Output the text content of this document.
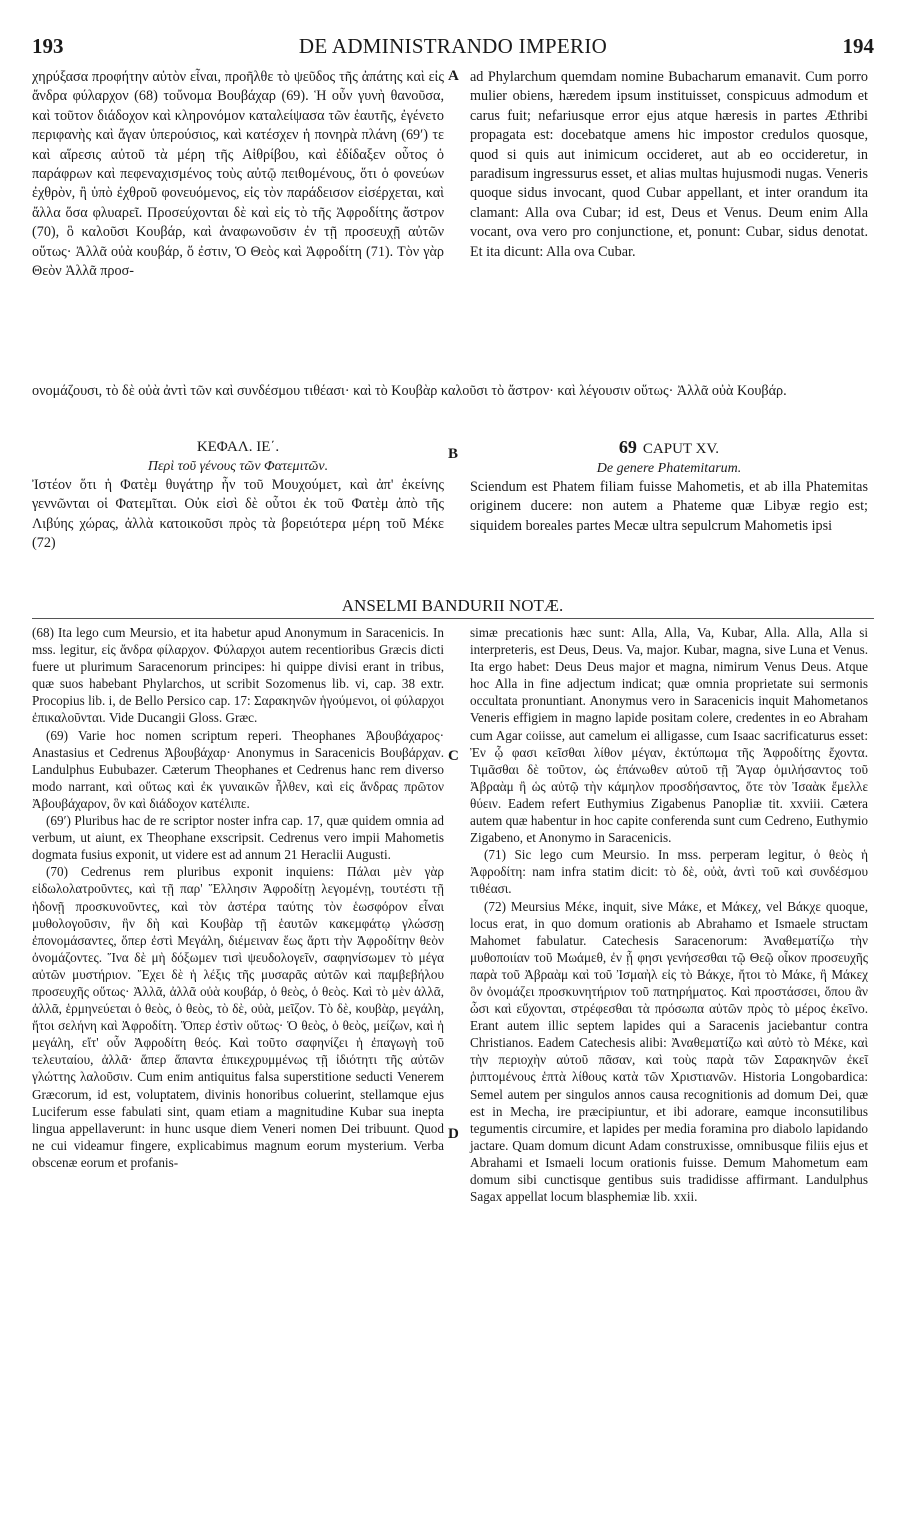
193	DE ADMINISTRANDO IMPERIO	194

χηρύξασα προφήτην αὐτὸν εἶναι, προῆλθε τὸ ψεῦδος τῆς ἀπάτης καὶ εἰς ἄνδρα φύλαρχον (68) τοὔνομα Βουβάχαρ (69). Ἡ οὖν γυνὴ θανοῦσα, καὶ τοῦτον διάδοχον καὶ κληρονόμον καταλείψασα τῶν ἑαυτῆς, ἐγένετο περιφανὴς καὶ ἄγαν ὑπερούσιος, καὶ κατέσχεν ἡ πονηρὰ πλάνη (69′) τε καὶ αἵρεσις αὐτοῦ τὰ μέρη τῆς Αἰθρίβου, καὶ ἐδίδαξεν οὗτος ὁ παράφρων καὶ πεφεναχισμένος τοὺς αὐτῷ πειθομένους, ὅτι ὁ φονεύων ἐχθρὸν, ἢ ὑπὸ ἐχθροῦ φονευόμενος, εἰς τὸν παράδεισον εἰσέρχεται, καὶ ἄλλα ὅσα φλυαρεῖ. Προσεύχονται δὲ καὶ εἰς τὸ τῆς Ἀφροδίτης ἄστρον (70), ὃ καλοῦσι Κουβάρ, καὶ ἀναφωνοῦσιν ἐν τῇ προσευχῇ αὐτῶν οὕτως· Ἀλλᾶ οὐὰ κουβάρ, ὅ ἐστιν, Ὁ Θεὸς καὶ Ἀφροδίτη (71). Τὸν γὰρ Θεὸν Ἀλλᾶ προσ-

A ad Phylarchum quemdam nomine Bubacharum emanavit. Cum porro mulier obiens, hæredem ipsum instituisset, conspicuus admodum et carus fuit; nefariusque error ejus atque hæresis in partes Æthribi propagata est: docebatque amens hic impostor credulos quosque, quod si quis aut inimicum occideret, aut ab eo occideretur, in paradisum ingressurus esset, et alias multas hujusmodi nugas. Veneris quoque sidus invocant, quod Cubar appellant, et inter orandum ita clamant: Alla ova Cubar; id est, Deus et Venus. Deum enim Alla vocant, ova vero pro conjunctione, et, ponunt: Cubar, sidus denotat. Et ita dicunt: Alla ova Cubar.

ονομάζουσι, τὸ δὲ οὐὰ ἀντὶ τῶν καὶ συνδέσμου τιθέασι· καὶ τὸ Κουβὰρ καλοῦσι τὸ ἄστρον· καὶ λέγουσιν οὕτως· Ἀλλᾶ οὐὰ Κουβάρ.
B
ΚΕΦΑΛ. ΙΕ΄.
Περὶ τοῦ γένους τῶν Φατεμιτῶν.

Ἰστέον ὅτι ἡ Φατὲμ θυγάτηρ ἦν τοῦ Μουχούμετ, καὶ ἀπ' ἐκείνης γεννῶνται οἱ Φατεμῖται. Οὐκ εἰσὶ δὲ οὗτοι ἐκ τοῦ Φατὲμ ἀπὸ τῆς Λιβύης χώρας, ἀλλὰ κατοικοῦσι πρὸς τὰ βορειότερα μέρη τοῦ Μέκε (72)

69 CAPUT XV.
De genere Phatemitarum.

Sciendum est Phatem filiam fuisse Mahometis, et ab illa Phatemitas originem ducere: non autem a Phateme quæ Libyæ regio est; siquidem boreales partes Mecæ ultra sepulcrum Mahometis ipsi

ANSELMI BANDURII NOTÆ.

(68) Ita lego cum Meursio, et ita habetur apud Anonymum in Saracenicis. In mss. legitur, εἰς ἄνδρα φίλαρχον. Φύλαρχοι autem recentioribus Græcis dicti fuere ut plurimum Saracenorum principes: hi quippe divisi erant in tribus, quæ suos habebant Phylarchos, ut scribit Sozomenus lib. vi, cap. 38 extr. Procopius lib. i, de Bello Persico cap. 17: Σαρακηνῶν ἡγούμενοι, οἱ φύλαρχοι ἐπικαλοῦνται. Vide Ducangii Gloss. Græc.

(69) Varie hoc nomen scriptum reperi. Theophanes Ἀβουβάχαρος· Anastasius et Cedrenus Ἀβουβάχαρ· Anonymus in Saracenicis Βουβάρχαν. Landulphus Eububazer. Cæterum Theophanes et Cedrenus hanc rem diverso modo narrant, καὶ οὕτως καὶ ἐκ γυναικῶν ἦλθεν, καὶ εἰς ἄνδρας πρῶτον Ἀβουβάχαρον, ὃν καὶ διάδοχον κατέλιπε.

(69′) Pluribus hac de re scriptor noster infra cap. 17, quæ quidem omnia ad verbum, ut aiunt, ex Theophane exscripsit. Cedrenus vero impii Mahometis dogmata fusius exponit, ut videre est ad annum 21 Heraclii Augusti.

(70) Cedrenus rem pluribus exponit inquiens: Πάλαι μὲν γὰρ εἰδωλολατροῦντες, καὶ τῇ παρ' Ἕλλησιν Ἀφροδίτῃ λεγομένῃ, τουτέστι τῇ ἡδονῇ προσκυνοῦντες, καὶ τὸν ἀστέρα ταύτης τὸν ἑωσφόρον εἶναι μυθολογοῦσιν, ἣν δὴ καὶ Κουβὰρ τῇ ἑαυτῶν κακεμφάτῳ γλώσσῃ ἐπονομάσαντες, ὅπερ ἐστὶ Μεγάλη, διέμειναν ἕως ἄρτι τὴν Ἀφροδίτην θεὸν ὀνομάζοντες. Ἵνα δὲ μὴ δόξωμεν τισὶ ψευδολογεῖν, σαφηνίσωμεν τὸ μέγα αὐτῶν μυστήριον. Ἔχει δὲ ἡ λέξις τῆς μυσαρᾶς αὐτῶν καὶ παμβεβήλου προσευχῆς οὕτως· Ἀλλᾶ, ἀλλᾶ οὐὰ κουβάρ, ὁ θεὸς, ὁ θεὸς. Καὶ τὸ μὲν ἀλλᾶ, ἀλλᾶ, ἑρμηνεύεται ὁ θεὸς, ὁ θεὸς, τὸ δὲ, οὐὰ, μεῖζον. Τὸ δὲ, κουβὰρ, μεγάλη, ἤτοι σελήνη καὶ Ἀφροδίτη. Ὅπερ ἐστὶν οὕτως· Ὁ θεὸς, ὁ θεὸς, μείζων, καὶ ἡ μεγάλη, εἴτ' οὖν Ἀφροδίτη θεός. Καὶ τοῦτο σαφηνίζει ἡ ἐπαγωγὴ τοῦ τελευταίου, ἀλλᾶ· ἅπερ ἅπαντα ἐπικεχρυμμένως τῇ ἰδιότητι τῆς αὐτῶν γλώττης λαλοῦσιν. Cum enim antiquitus falsa superstitione seducti Venerem Græcorum, id est, voluptatem, divinis honoribus coluerint, stellamque ejus Luciferum esse fabulati sint, quam etiam a magnitudine Kubar sua inepta lingua appellaverunt: in hunc usque diem Veneri nomen Dei tribuunt. Quod ne cui videamur fingere, explicabimus magnum eorum mysterium. Verba obscenæ eorum et profanis-

C
D

simæ precationis hæc sunt: Alla, Alla, Va, Kubar, Alla. Alla, Alla si interpreteris, est Deus, Deus. Va, major. Kubar, magna, sive Luna et Venus. Ita ergo habet: Deus Deus major et magna, nimirum Venus Deus. Atque hoc Alla in fine adjectum indicat; quæ omnia proprietate sui sermonis occultata pronuntiant. Anonymus vero in Saracenicis inquit Mahometanos Veneris effigiem in magno lapide positam colere, credentes in eo Abraham cum Agar coiisse, aut camelum ei alligasse, cum Isaac sacrificaturus esset: Ἐν ᾧ φασι κεῖσθαι λίθον μέγαν, ἐκτύπωμα τῆς Ἀφροδίτης ἔχοντα. Τιμᾶσθαι δὲ τοῦτον, ὡς ἐπάνωθεν αὐτοῦ τῇ Ἄγαρ ὁμιλήσαντος τοῦ Ἀβραὰμ ἢ ὡς αὐτῷ τὴν κάμηλον προσδήσαντος, ὅτε τὸν Ἰσαὰκ ἔμελλε θύειν. Eadem refert Euthymius Zigabenus Panopliæ tit. xxviii. Cætera autem quæ habentur in hoc capite conferenda sunt cum Cedreno, Euthymio Zigabeno, et Anonymo in Saracenicis.

(71) Sic lego cum Meursio. In mss. perperam legitur, ὁ θεὸς ἡ Ἀφροδίτη: nam infra statim dicit: τὸ δὲ, οὐὰ, ἀντὶ τοῦ καὶ συνδέσμου τιθέασι.

(72) Meursius Μέκε, inquit, sive Μάκε, et Μάκεχ, vel Βάκχε quoque, locus erat, in quo domum orationis ab Abrahamo et Ismaele structam Mahomet fabulatur. Catechesis Saracenorum: Ἀναθεματίζω τὴν μυθοποιίαν τοῦ Μωάμεθ, ἐν ᾗ φησι γενήσεσθαι τῷ Θεῷ οἶκον προσευχῆς παρὰ τοῦ Ἀβραὰμ καὶ τοῦ Ἰσμαὴλ εἰς τὸ Βάκχε, ἤτοι τὸ Μάκε, ἢ Μάκεχ ὃν ὀνομάζει προσκυνητήριον τοῦ πατηρήματος. Καὶ προστάσσει, ὅπου ἂν ὦσι καὶ εὔχονται, στρέφεσθαι τὰ πρόσωπα αὐτῶν πρὸς τὸ μέρος ἐκεῖνο. Erant autem illic septem lapides qui a Saracenis jaciebantur contra Christianos. Eadem Catechesis alibi: Ἀναθεματίζω καὶ αὐτὸ τὸ Μέκε, καὶ τὴν περιοχὴν αὐτοῦ πᾶσαν, καὶ τοὺς παρὰ τῶν Σαρακηνῶν ἐκεῖ ῥιπτομένους ἑπτὰ λίθους κατὰ τῶν Χριστιανῶν. Historia Longobardica: Semel autem per singulos annos causa recognitionis ad domum Dei, quæ est in Mecha, ire præcipiuntur, et ibi adorare, eamque inconsutilibus tegumentis circumire, et lapides per media foramina pro diabolo lapidando jactare. Quam domum dicunt Adam construxisse, omnibusque filiis ejus et Abrahami et Ismaeli locum orationis fuisse. Demum Mahometum eam domum sibi cunctisque gentibus suis tradidisse affirmant. Landulphus Sagax appellat locum blasphemiæ lib. xxii.
